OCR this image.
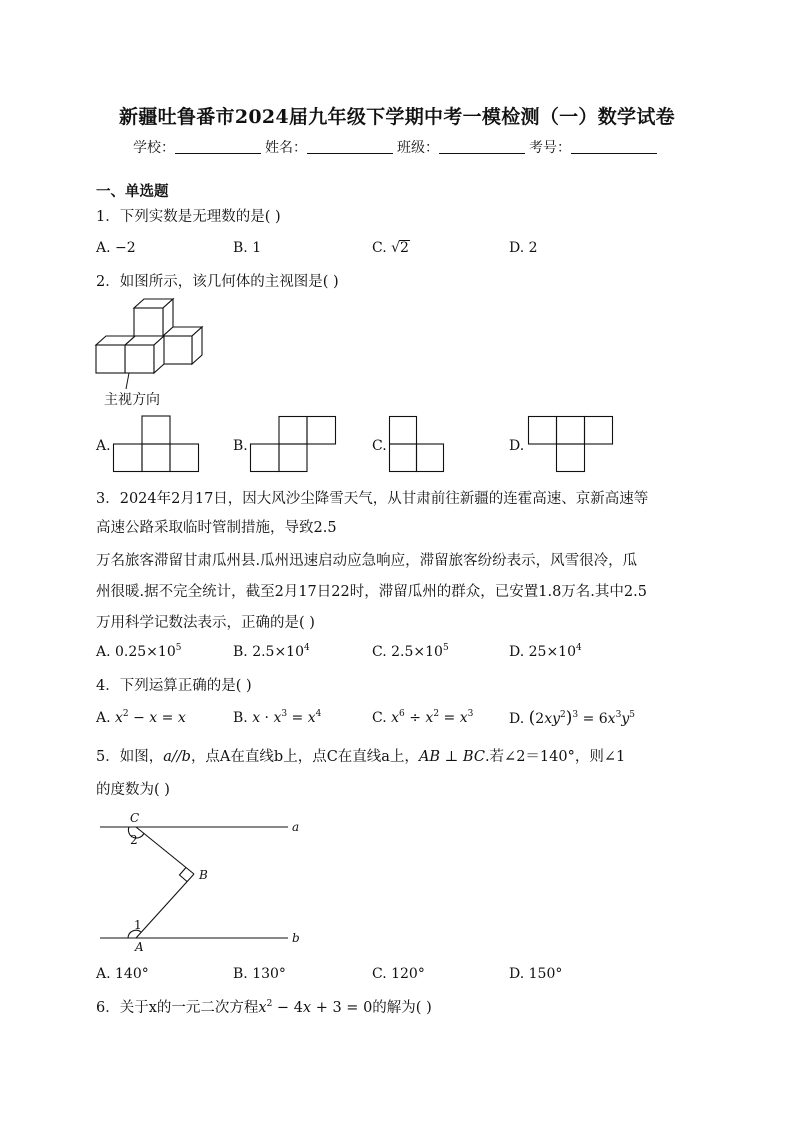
新疆吐鲁番市2024届九年级下学期中考一模检测（一）数学试卷
学校：	姓名：	班级：	考号：
一、单选题
1．下列实数是无理数的是( )
A. −2	B. 1	C. √2	D. 2
2．如图所示，该几何体的主视图是( )
主视方向
A.	B.	C.	D.
3．2024年2月17日，因大风沙尘降雪天气，从甘肃前往新疆的连霍高速、京新高速等
高速公路采取临时管制措施，导致2.5
万名旅客滞留甘肃瓜州县.瓜州迅速启动应急响应，滞留旅客纷纷表示，风雪很冷，瓜
州很暖.据不完全统计，截至2月17日22时，滞留瓜州的群众，已安置1.8万名.其中2.5
万用科学记数法表示，正确的是( )
A. $0.25\times 10^5$	B. $2.5\times 10^4$	C. $2.5\times 10^5$	D. $25\times 10^4$
4．下列运算正确的是( )
A. $x^2 - x = x$	B. $x \cdot x^3 = x^4$	C. $x^6 \div x^2 = x^3$	D. $(2xy^2)^3 = 6x^3y^5$
5．如图，a//b，点A在直线b上，点C在直线a上，AB ⊥ BC.若∠2＝140°，则∠1
的度数为( )
C
2
a
B
1
A
b
A. 140°	B. 130°	C. 120°	D. 150°
6．关于x的一元二次方程$x^2 - 4x + 3 = 0$的解为( )
